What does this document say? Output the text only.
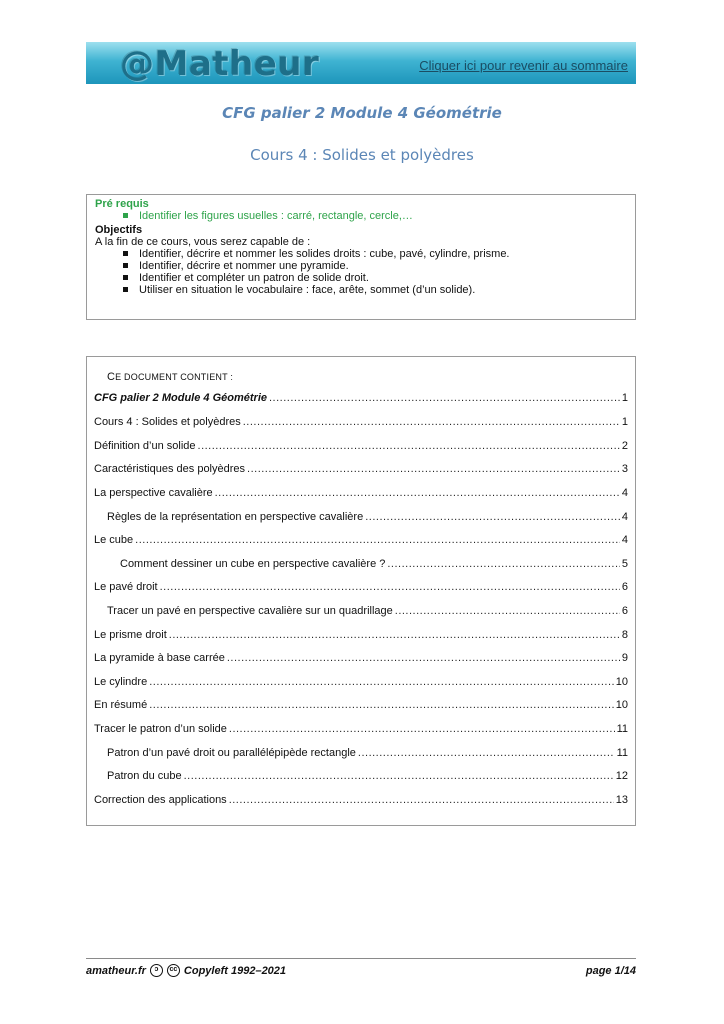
@Matheur	Cliquer ici pour revenir au sommaire
CFG palier 2 Module 4 Géométrie
Cours 4 : Solides et polyèdres
Pré requis
Identifier les figures usuelles : carré, rectangle, cercle,…
Objectifs
A la fin de ce cours, vous serez capable de :
Identifier, décrire et nommer les solides droits : cube, pavé, cylindre, prisme.
Identifier, décrire et nommer une pyramide.
Identifier et compléter un patron de solide droit.
Utiliser en situation le vocabulaire : face, arête, sommet (d’un solide).
CE DOCUMENT CONTIENT :
CFG palier 2 Module 4 Géométrie .....	1
Cours 4 : Solides et polyèdres .....	1
Définition d’un solide .....	2
Caractéristiques des polyèdres .....	3
La perspective cavalière .....	4
Règles de la représentation en perspective cavalière .....	4
Le cube .....	4
Comment dessiner un cube en perspective cavalière ? .....	5
Le pavé droit .....	6
Tracer un pavé en perspective cavalière sur un quadrillage .....	6
Le prisme droit .....	8
La pyramide à base carrée .....	9
Le cylindre .....	10
En résumé .....	10
Tracer le patron d’un solide .....	11
Patron d’un pavé droit ou parallélépipède rectangle .....	11
Patron du cube .....	12
Correction des applications .....	13
amatheur.fr	ↄ	cc Copyleft 1992–2021	page 1/14
